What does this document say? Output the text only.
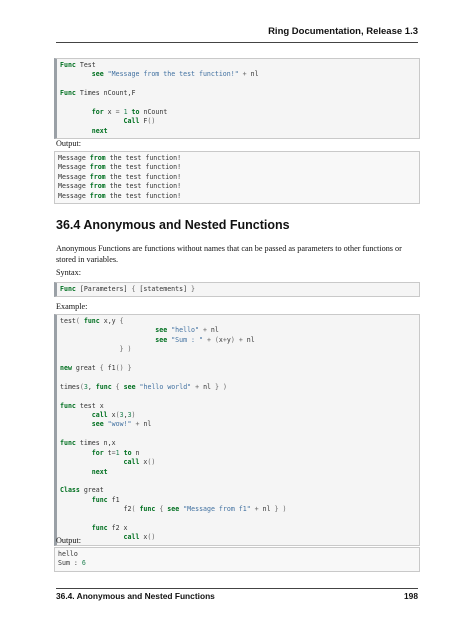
Ring Documentation, Release 1.3
Func Test
see "Message from the test function!" + nl

Func Times nCount,F

for x = 1 to nCount
Call F()
next
Output:
Message from the test function!
Message from the test function!
Message from the test function!
Message from the test function!
Message from the test function!
36.4 Anonymous and Nested Functions
Anonymous Functions are functions without names that can be passed as parameters to other functions or stored in variables.
Syntax:
Func [Parameters] { [statements] }
Example:
test( func x,y {
see "hello" + nl
see "Sum : " + (x+y) + nl
} )

new great { f1() }

times(3, func { see "hello world" + nl } )

func test x
call x(3,3)
see "wow!" + nl

func times n,x
for t=1 to n
call x()
next

Class great
func f1
f2( func { see "Message from f1" + nl } )

func f2 x
call x()
Output:
hello
Sum : 6
36.4. Anonymous and Nested Functions	198
